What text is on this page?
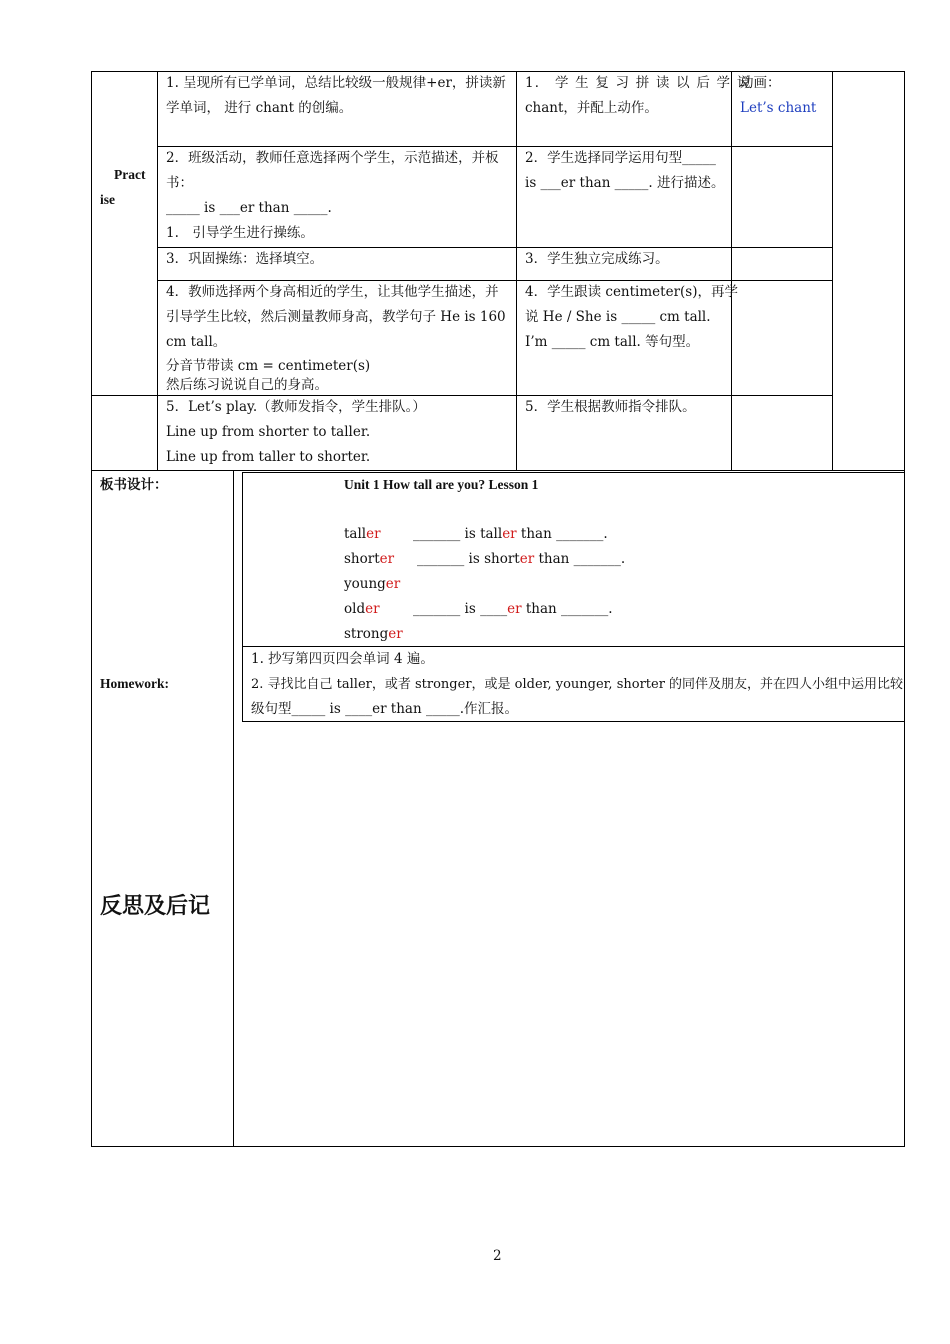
Pract
ise
1. 呈现所有已学单词，总结比较级一般规律+er，拼读新
学单词， 进行 chant 的创编。
1． 学 生 复 习 拼 读 以 后 学 说
chant，并配上动作。
动画：
Let’s chant
2．班级活动，教师任意选择两个学生，示范描述，并板
书：
_____ is ___er than _____.
1.　引导学生进行操练。
2．学生选择同学运用句型_____
is ___er than _____. 进行描述。
3．巩固操练：选择填空。	3．学生独立完成练习。
4．教师选择两个身高相近的学生，让其他学生描述，并
引导学生比较，然后测量教师身高，教学句子 He is 160
cm tall。
分音节带读 cm = centimeter(s)
然后练习说说自己的身高。
4．学生跟读 centimeter(s)，再学
说 He / She is _____ cm tall.
I’m _____ cm tall. 等句型。
5．Let’s play.（教师发指令，学生排队。）
Line up from shorter to taller.
Line up from taller to shorter.
5．学生根据教师指令排队。
板书设计：	Unit 1 How tall are you? Lesson 1
taller _______ is taller than _______.
shorter _______ is shorter than _______.
younger
older _______ is ____er than _______.
stronger
Homework:
1. 抄写第四页四会单词 4 遍。
2. 寻找比自己 taller，或者 stronger，或是 older, younger, shorter 的同伴及朋友，并在四人小组中运用比较
级句型_____ is ____er than _____.作汇报。
反思及后记
2
